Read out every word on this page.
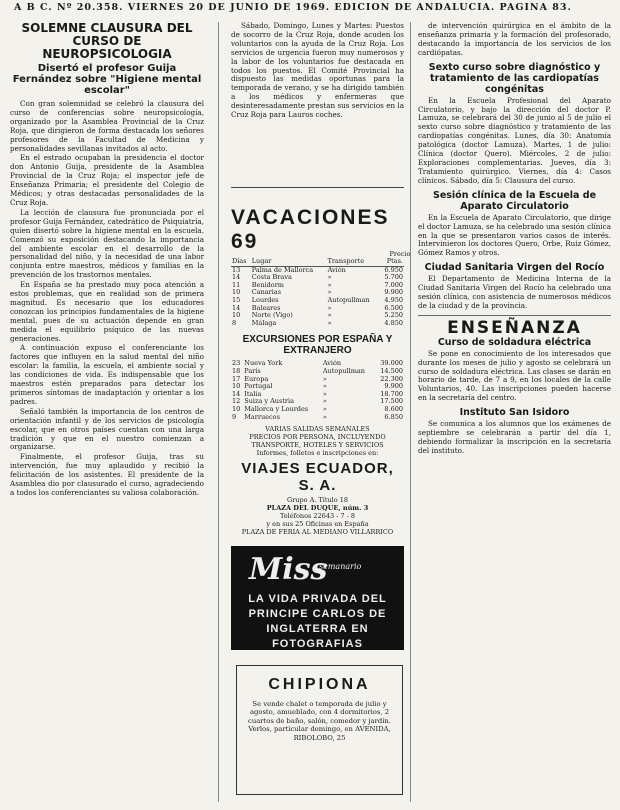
A B C. Nº 20.358. VIERNES 20 DE JUNIO DE 1969. EDICION DE ANDALUCIA. PAGINA 83.
SOLEMNE CLAUSURA DEL CURSO DE NEUROPSICOLOGIA
Disertó el profesor Guija Fernández sobre "Higiene mental escolar"

Con gran solemnidad se celebró la clausura del curso de conferencias sobre neuropsicología, organizado por la Asamblea Provincial de la Cruz Roja, que dirigieron de forma destacada los señores profesores de la Facultad de Medicina y personalidades sevillanas invitados al acto.

En el estrado ocupaban la presidencia el doctor don Antonio Guija, presidente de la Asamblea Provincial de la Cruz Roja; el inspector jefe de Enseñanza Primaria; el presidente del Colegio de Médicos; y otras destacadas personalidades de la Cruz Roja.

La lección de clausura fue pronunciada por el profesor Guija Fernández, catedrático de Psiquiatría, quien disertó sobre la higiene mental en la escuela. Comenzó su exposición destacando la importancia del ambiente escolar en el desarrollo de la personalidad del niño, y la necesidad de una labor conjunta entre maestros, médicos y familias en la prevención de los trastornos mentales.

En España se ha prestado muy poca atención a estos problemas, que en realidad son de primera magnitud. Es necesario que los educadores conozcan los principios fundamentales de la higiene mental, pues de su actuación depende en gran medida el equilibrio psíquico de las nuevas generaciones.

A continuación expuso el conferenciante los factores que influyen en la salud mental del niño escolar: la familia, la escuela, el ambiente social y las condiciones de vida. Es indispensable que los maestros estén preparados para detectar los primeros síntomas de inadaptación y orientar a los padres.

Señaló también la importancia de los centros de orientación infantil y de los servicios de psicología escolar, que en otros países cuentan con una larga tradición y que en el nuestro comienzan a organizarse.

Finalmente, el profesor Guija, tras su intervención, fue muy aplaudido y recibió la felicitación de los asistentes. El presidente de la Asamblea dio por clausurado el curso, agradeciendo a todos los conferenciantes su valiosa colaboración.

Sábado, Domingo, Lunes y Martes: Puestos de socorro de la Cruz Roja, donde acuden los voluntarios con la ayuda de la Cruz Roja. Los servicios de urgencia fueron muy numerosos y la labor de los voluntarios fue destacada en todos los puestos. El Comité Provincial ha dispuesto las medidas oportunas para la temporada de verano, y se ha dirigido también a los médicos y enfermeras que desinteresadamente prestan sus servicios en la Cruz Roja para Lauros coches.

VACACIONES 69
Precio
Días	Lugar	Transporte	Ptas.
13	Palma de Mallorca	Avión	6.950
14	Costa Brava	»	5.700
11	Benidorm	»	7.000
10	Canarias	»	9.900
15	Lourdes	Autopullman	4.950
14	Baleares	»	6.500
10	Norte (Vigo)	»	5.250
8	Málaga	»	4.850
EXCURSIONES POR ESPAÑA Y EXTRANJERO
23	Nueva York	Avión	39.000
18	París	Autopullman	14.500
17	Europa	»	22.300
10	Portugal	»	9.900
14	Italia	»	18.700
12	Suiza y Austria	»	17.500
10	Mallorca y Lourdes	»	8.600
9	Marruecos	»	6.850
VARIAS SALIDAS SEMANALES
PRECIOS POR PERSONA, INCLUYENDO TRANSPORTE, HOTELES Y SERVICIOS
Informes, folletos e inscripciones en:
VIAJES ECUADOR, S. A.
Grupo A. Título 18
PLAZA DEL DUQUE, núm. 3
Teléfonos 22643 - 7 - 8
y en sus 25 Oficinas en España
PLAZA DE FERIA AL MEDIANO VILLARRICO
Miss
semanario
LA VIDA PRIVADA DEL PRINCIPE CARLOS DE INGLATERRA EN FOTOGRAFIAS
CHIPIONA
Se vende chalet o temporada de julio y agosto, amueblado, con 4 dormitorios, 2 cuartos de baño, salón, comedor y jardín. Verlos, particular domingo, en AVENIDA, RIBOLOBO, 25

de intervención quirúrgica en el ámbito de la enseñanza primaria y la formación del profesorado, destacando la importancia de los servicios de los cardiópatas.

Sexto curso sobre diagnóstico y tratamiento de las cardiopatías congénitas

En la Escuela Profesional del Aparato Circulatorio, y bajo la dirección del doctor P. Lamuza, se celebrará del 30 de junio al 5 de julio el sexto curso sobre diagnóstico y tratamiento de las cardiopatías congénitas. Lunes, día 30: Anatomía patológica (doctor Lamuza). Martes, 1 de julio: Clínica (doctor Quero). Miércoles, 2 de julio: Exploraciones complementarias. Jueves, día 3: Tratamiento quirúrgico. Viernes, día 4: Casos clínicos. Sábado, día 5: Clausura del curso.

Sesión clínica de la Escuela de Aparato Circulatorio

En la Escuela de Aparato Circulatorio, que dirige el doctor Lamuza, se ha celebrado una sesión clínica en la que se presentaron varios casos de interés. Intervinieron los doctores Quero, Orbe, Ruiz Gómez, Gómez Ramos y otros.

Ciudad Sanitaria Virgen del Rocío

El Departamento de Medicina Interna de la Ciudad Sanitaria Virgen del Rocío ha celebrado una sesión clínica, con asistencia de numerosos médicos de la ciudad y de la provincia.

ENSEÑANZA
Curso de soldadura eléctrica

Se pone en conocimiento de los interesados que durante los meses de julio y agosto se celebrará un curso de soldadura eléctrica. Las clases se darán en horario de tarde, de 7 a 9, en los locales de la calle Voluntarios, 40. Las inscripciones pueden hacerse en la secretaría del centro.

Instituto San Isidoro

Se comunica a los alumnos que los exámenes de septiembre se celebrarán a partir del día 1, debiendo formalizar la inscripción en la secretaría del instituto.
